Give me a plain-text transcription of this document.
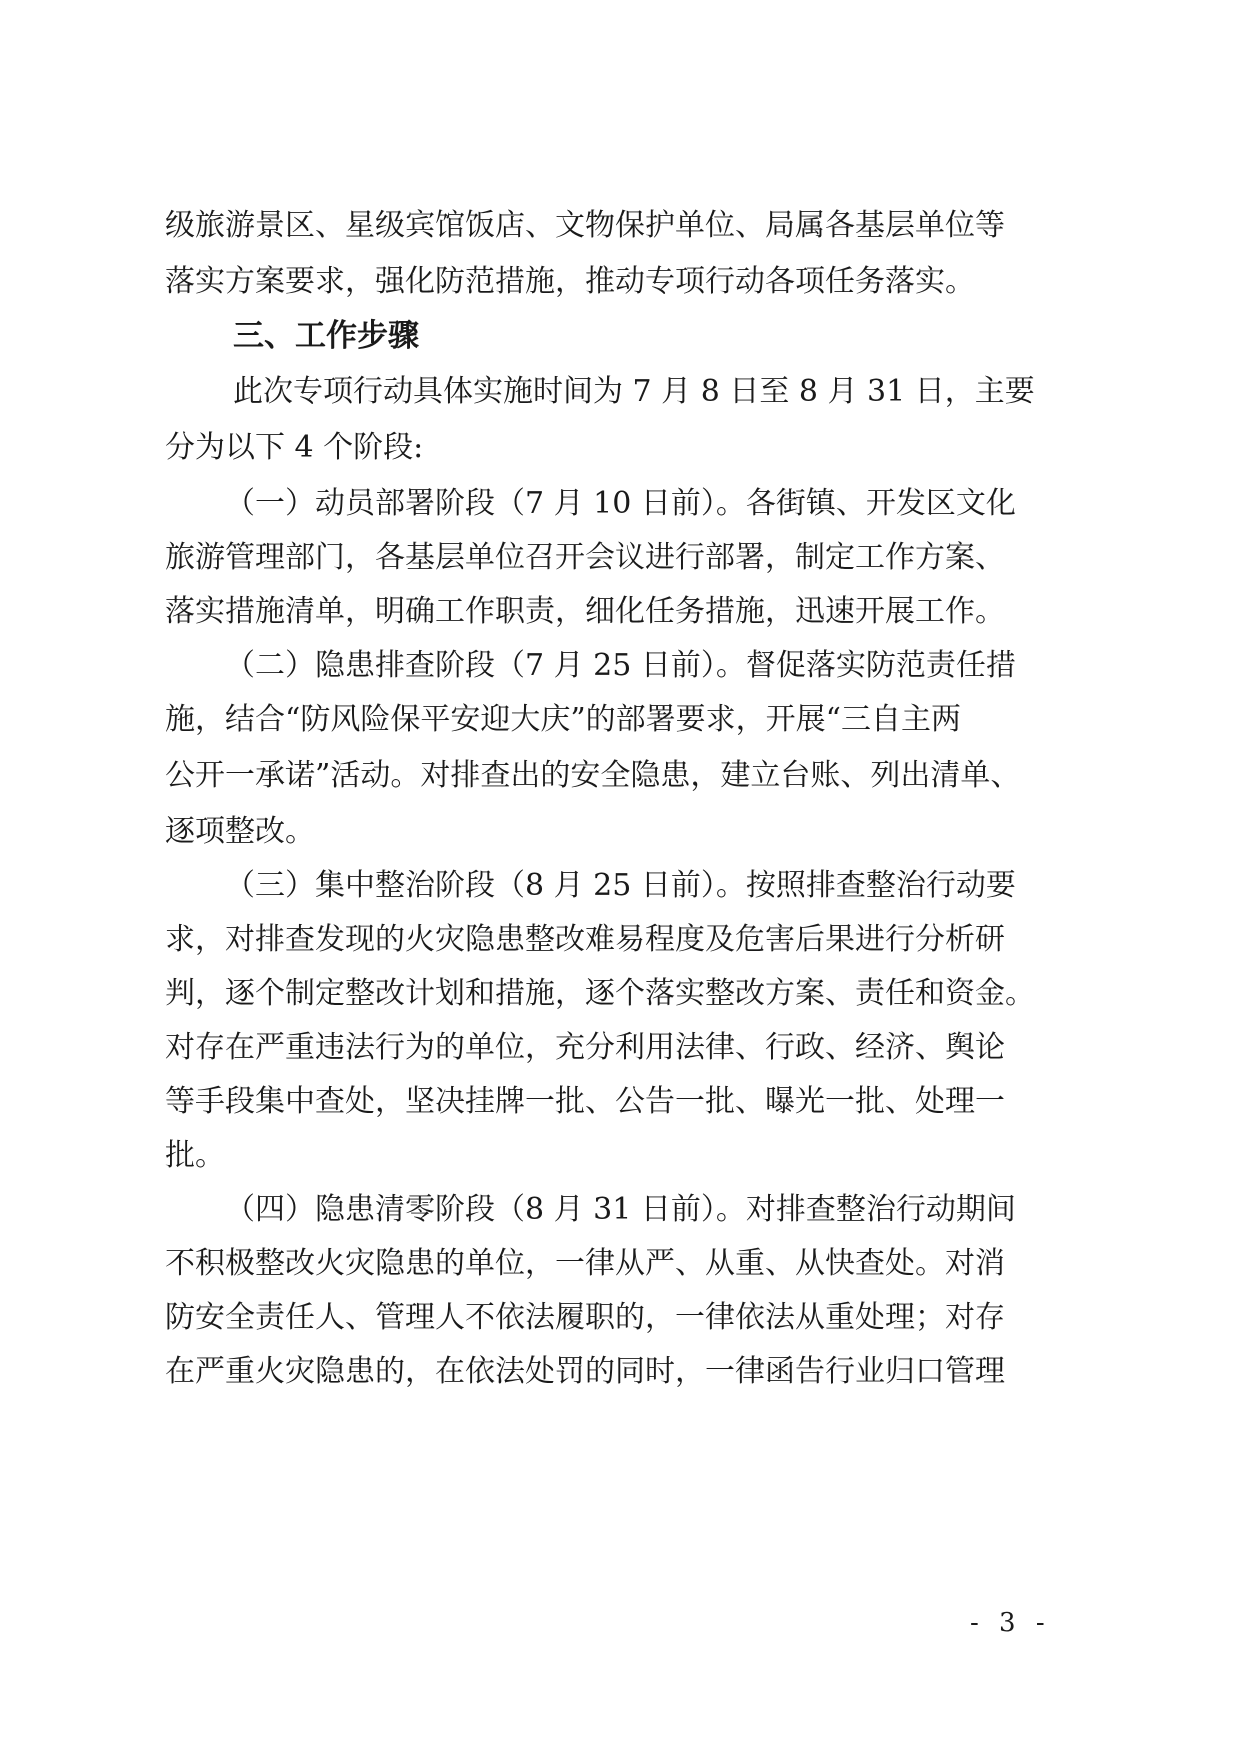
级旅游景区、星级宾馆饭店、文物保护单位、局属各基层单位等
落实方案要求，强化防范措施，推动专项行动各项任务落实。
三、工作步骤
此次专项行动具体实施时间为 7 月 8 日至 8 月 31 日，主要
分为以下 4 个阶段:
（一）动员部署阶段（7 月 10 日前）。各街镇、开发区文化
旅游管理部门，各基层单位召开会议进行部署，制定工作方案、
落实措施清单，明确工作职责，细化任务措施，迅速开展工作。
（二）隐患排查阶段（7 月 25 日前）。督促落实防范责任措
施，结合“防风险保平安迎大庆”的部署要求，开展“三自主两
公开一承诺”活动。对排查出的安全隐患，建立台账、列出清单、
逐项整改。
（三）集中整治阶段（8 月 25 日前）。按照排查整治行动要
求，对排查发现的火灾隐患整改难易程度及危害后果进行分析研
判，逐个制定整改计划和措施，逐个落实整改方案、责任和资金。
对存在严重违法行为的单位，充分利用法律、行政、经济、舆论
等手段集中查处，坚决挂牌一批、公告一批、曝光一批、处理一
批。
（四）隐患清零阶段（8 月 31 日前）。对排查整治行动期间
不积极整改火灾隐患的单位，一律从严、从重、从快查处。对消
防安全责任人、管理人不依法履职的，一律依法从重处理；对存
在严重火灾隐患的，在依法处罚的同时，一律函告行业归口管理
- 3 -
